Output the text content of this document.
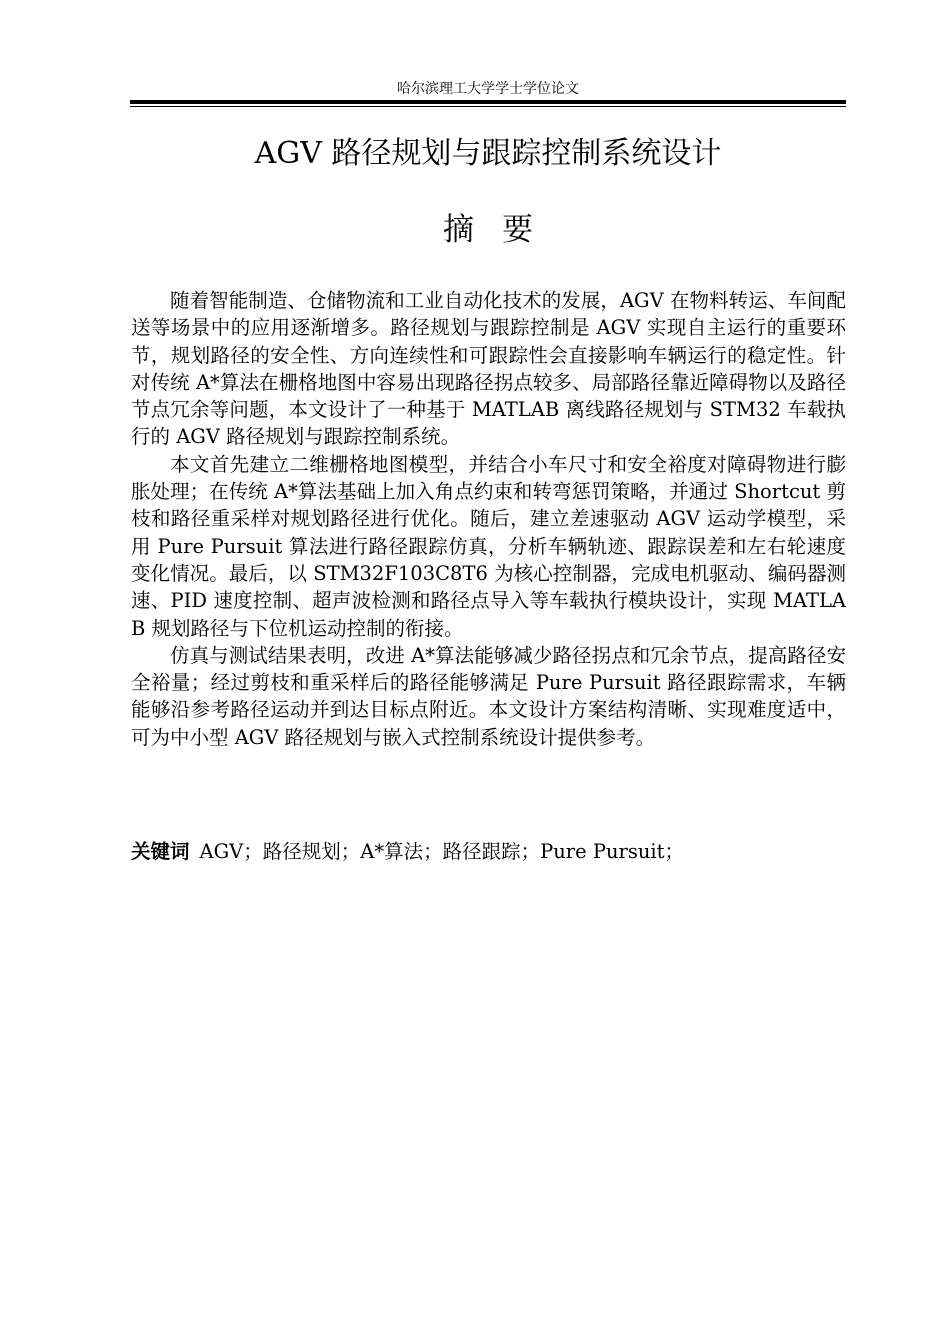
哈尔滨理工大学学士学位论文
AGV 路径规划与跟踪控制系统设计
摘要

随着智能制造、仓储物流和工业自动化技术的发展，AGV 在物料转运、车间配送等场景中的应用逐渐增多。路径规划与跟踪控制是 AGV 实现自主运行的重要环节，规划路径的安全性、方向连续性和可跟踪性会直接影响车辆运行的稳定性。针对传统 A*算法在栅格地图中容易出现路径拐点较多、局部路径靠近障碍物以及路径节点冗余等问题，本文设计了一种基于 MATLAB 离线路径规划与 STM32 车载执行的 AGV 路径规划与跟踪控制系统。

本文首先建立二维栅格地图模型，并结合小车尺寸和安全裕度对障碍物进行膨胀处理；在传统 A*算法基础上加入角点约束和转弯惩罚策略，并通过 Shortcut 剪枝和路径重采样对规划路径进行优化。随后，建立差速驱动 AGV 运动学模型，采用 Pure Pursuit 算法进行路径跟踪仿真，分析车辆轨迹、跟踪误差和左右轮速度变化情况。最后，以 STM32F103C8T6 为核心控制器，完成电机驱动、编码器测速、PID 速度控制、超声波检测和路径点导入等车载执行模块设计，实现 MATLAB 规划路径与下位机运动控制的衔接。

仿真与测试结果表明，改进 A*算法能够减少路径拐点和冗余节点，提高路径安全裕量；经过剪枝和重采样后的路径能够满足 Pure Pursuit 路径跟踪需求，车辆能够沿参考路径运动并到达目标点附近。本文设计方案结构清晰、实现难度适中，可为中小型 AGV 路径规划与嵌入式控制系统设计提供参考。

关键词 AGV；路径规划；A*算法；路径跟踪；Pure Pursuit；
